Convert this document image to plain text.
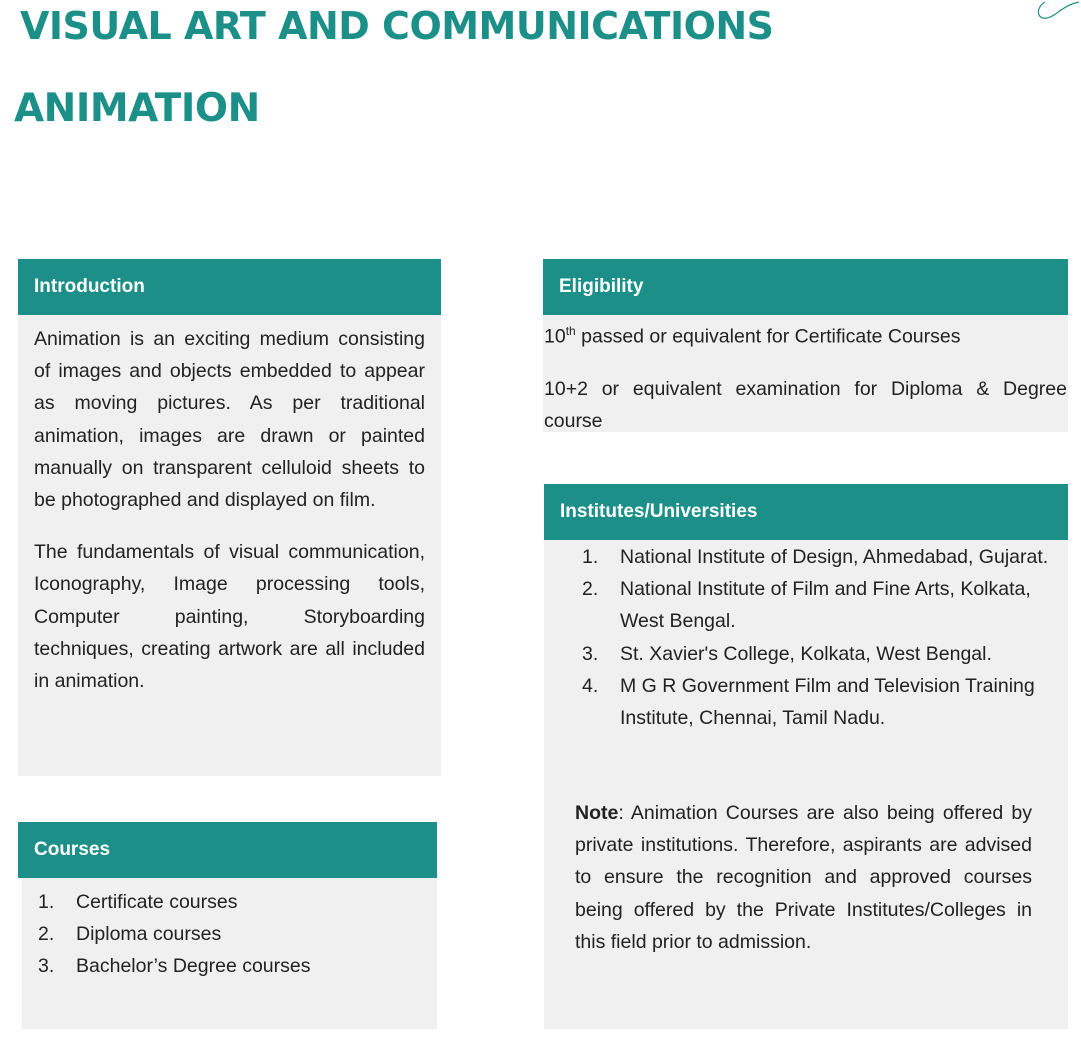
VISUAL ART AND COMMUNICATIONS
ANIMATION
Introduction

Animation is an exciting medium consisting of images and objects embedded to appear as moving pictures. As per traditional animation, images are drawn or painted manually on transparent celluloid sheets to be photographed and displayed on film.

The fundamentals of visual communication, Iconography, Image processing tools, Computer painting, Storyboarding techniques, creating artwork are all included in animation.

Courses
1. Certificate courses
2. Diploma courses
3. Bachelor’s Degree courses
Eligibility

10th passed or equivalent for Certificate Courses

10+2 or equivalent examination for Diploma & Degree course

Institutes/Universities
1. National Institute of Design, Ahmedabad, Gujarat.
2. National Institute of Film and Fine Arts, Kolkata, West Bengal.
3. St. Xavier's College, Kolkata, West Bengal.
4. M G R Government Film and Television Training Institute, Chennai, Tamil Nadu.

Note: Animation Courses are also being offered by private institutions. Therefore, aspirants are advised to ensure the recognition and approved courses being offered by the Private Institutes/Colleges in this field prior to admission.
